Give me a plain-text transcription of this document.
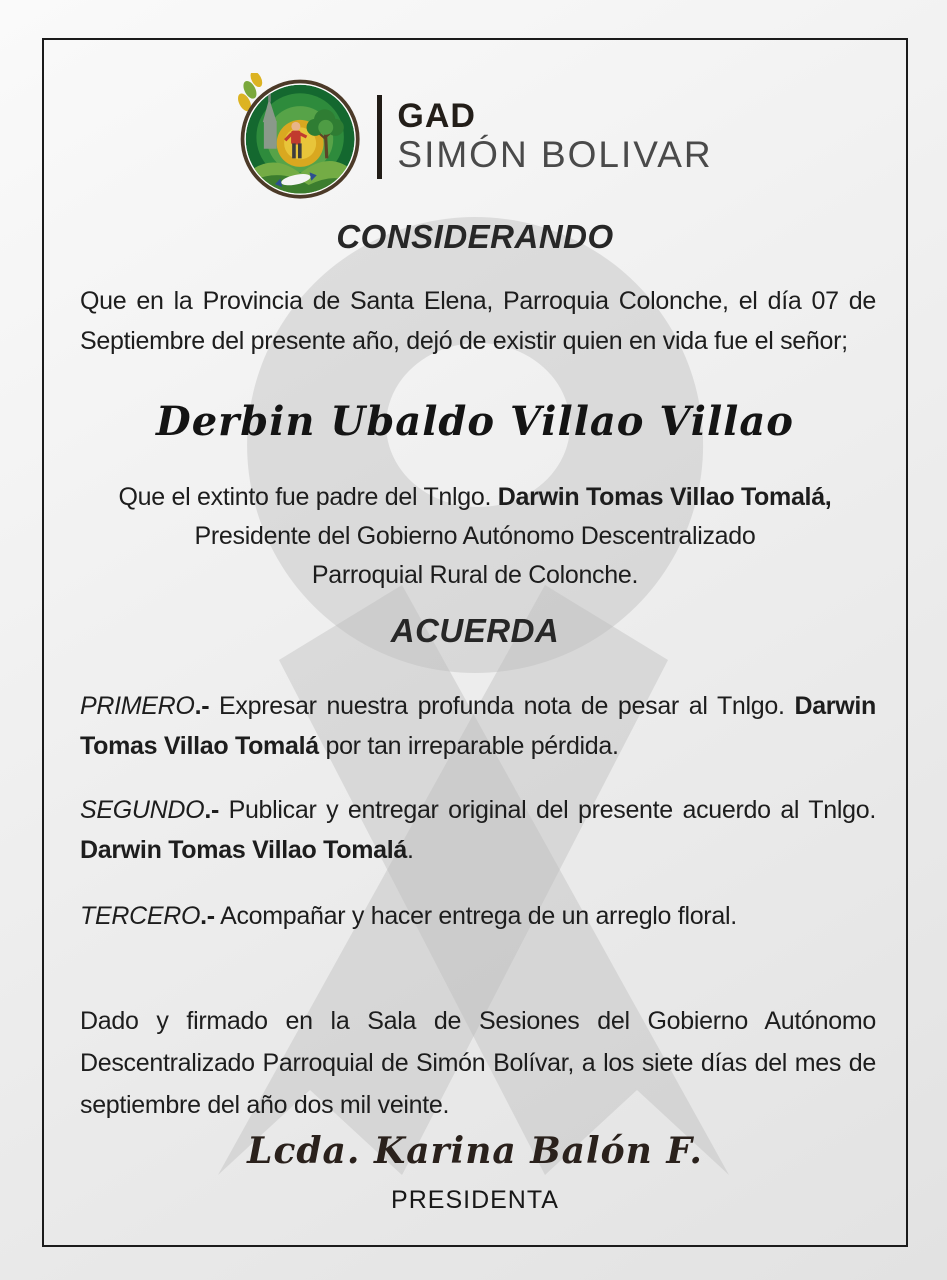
GAD
SIMÓN BOLIVAR
CONSIDERANDO

Que en la Provincia de Santa Elena, Parroquia Colonche, el día 07 de Septiembre del presente año, dejó de existir quien en vida fue el señor;

Derbin Ubaldo Villao Villao
Que el extinto fue padre del Tnlgo. Darwin Tomas Villao Tomalá,
Presidente del Gobierno Autónomo Descentralizado
Parroquial Rural de Colonche.
ACUERDA

PRIMERO.- Expresar nuestra profunda nota de pesar al Tnlgo. Darwin Tomas Villao Tomalá por tan irreparable pérdida.

SEGUNDO.- Publicar y entregar original del presente acuerdo al Tnlgo. Darwin Tomas Villao Tomalá.

TERCERO.- Acompañar y hacer entrega de un arreglo floral.

Dado y firmado en la Sala de Sesiones del Gobierno Autónomo Descentralizado Parroquial de Simón Bolívar, a los siete días del mes de septiembre del año dos mil veinte.

Lcda. Karina Balón F.
PRESIDENTA
